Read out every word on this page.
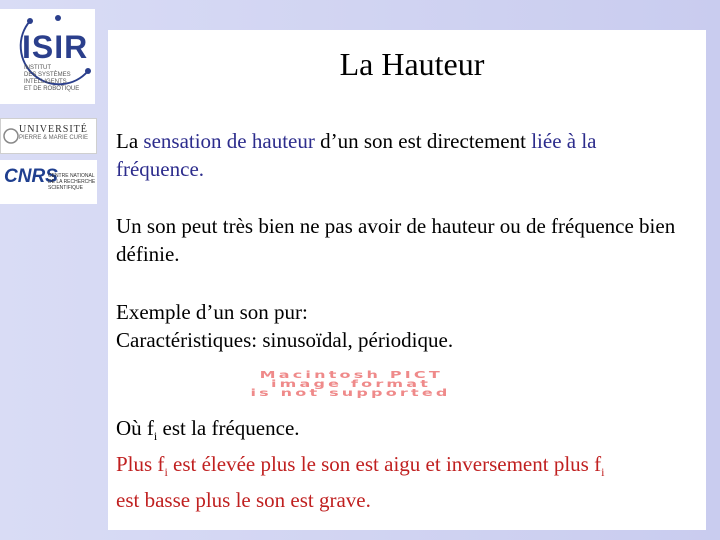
ISIR
INSTITUT
DES SYSTÈMES
INTELLIGENTS
ET DE ROBOTIQUE
UNIVERSITÉ
PIERRE & MARIE CURIE
CNRS
CENTRE NATIONAL
DE LA RECHERCHE
SCIENTIFIQUE
La Hauteur
La sensation de hauteur d’un son est directement liée à la fréquence.
Un son peut très bien ne pas avoir de hauteur ou de fréquence bien définie.
Exemple d’un son pur:
Caractéristiques: sinusoïdal, périodique.
Macintosh PICT
image format
is not supported
Où $f_i$ est la fréquence.
Plus $f_i$ est élevée plus le son est aigu et inversement plus $f_i$
est basse plus le son est grave.
